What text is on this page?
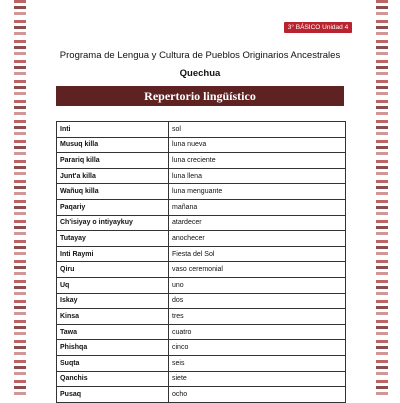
3° BÁSICO Unidad 4
Programa de Lengua y Cultura de Pueblos Originarios Ancestrales
Quechua
Repertorio lingüístico
Inti	sol
Musuq killa	luna nueva
Parariq killa	luna creciente
Junt'a killa	luna llena
Wañuq killa	luna menguante
Paqariy	mañana
Ch'isiyay o intiyaykuy	atardecer
Tutayay	anochecer
Inti Raymi	Fiesta del Sol
Qiru	vaso ceremonial
Uq	uno
Iskay	dos
Kinsa	tres
Tawa	cuatro
Phishqa	cinco
Suqta	seis
Qanchis	siete
Pusaq	ocho
